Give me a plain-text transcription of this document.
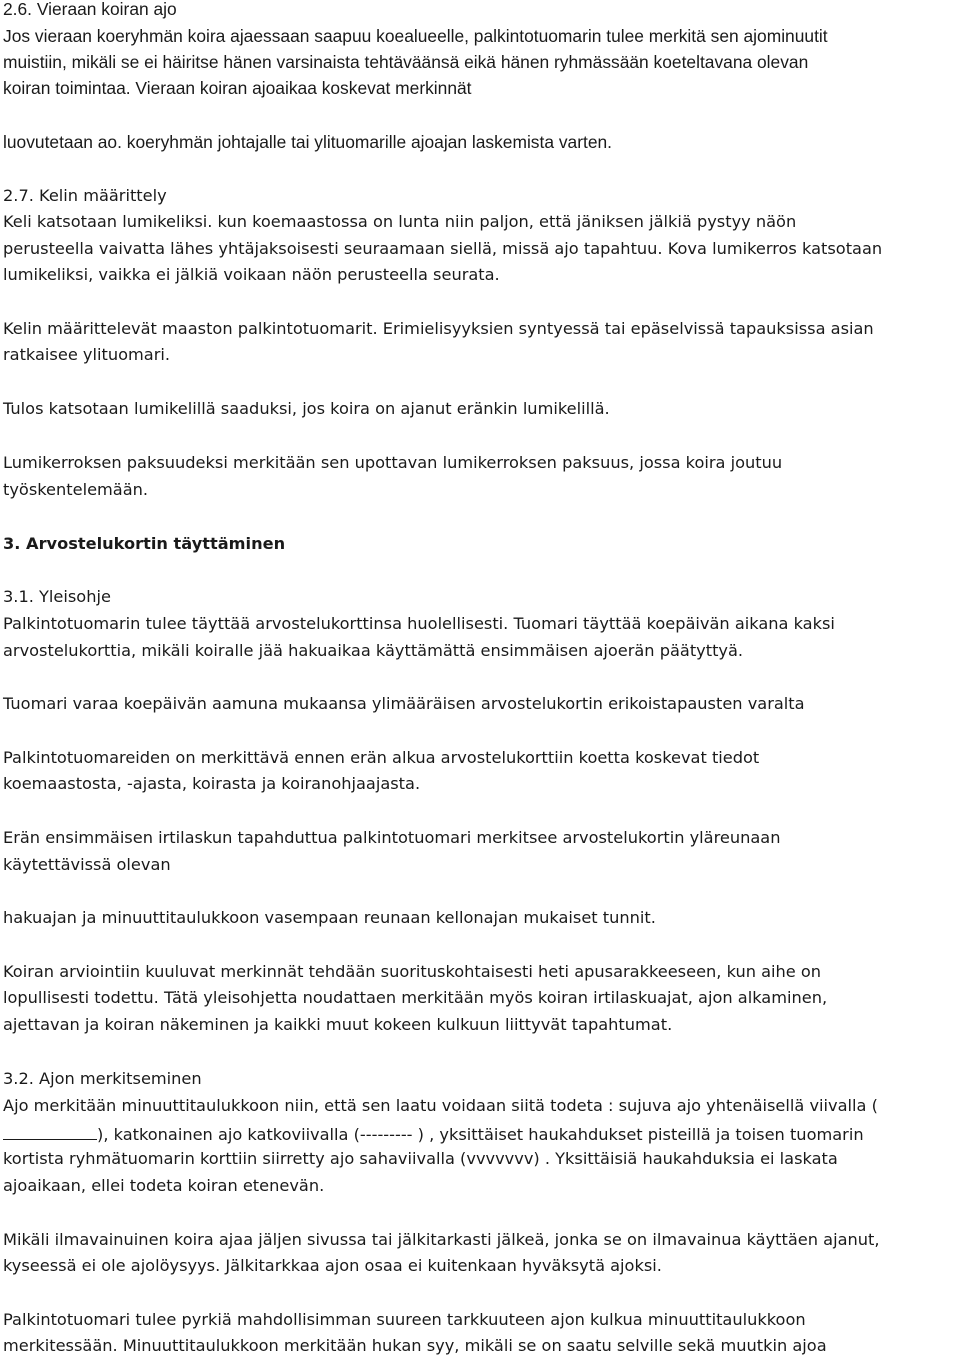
2.6. Vieraan koiran ajo
Jos vieraan koeryhmän koira ajaessaan saapuu koealueelle, palkintotuomarin tulee merkitä sen ajominuutit
muistiin, mikäli se ei häiritse hänen varsinaista tehtäväänsä eikä hänen ryhmässään koeteltavana olevan
koiran toimintaa. Vieraan koiran ajoaikaa koskevat merkinnät
luovutetaan ao. koeryhmän johtajalle tai ylituomarille ajoajan laskemista varten.
2.7. Kelin määrittely
Keli katsotaan lumikeliksi. kun koemaastossa on lunta niin paljon, että jäniksen jälkiä pystyy näön
perusteella vaivatta lähes yhtäjaksoisesti seuraamaan siellä, missä ajo tapahtuu. Kova lumikerros katsotaan
lumikeliksi, vaikka ei jälkiä voikaan näön perusteella seurata.
Kelin määrittelevät maaston palkintotuomarit. Erimielisyyksien syntyessä tai epäselvissä tapauksissa asian
ratkaisee ylituomari.
Tulos katsotaan lumikelillä saaduksi, jos koira on ajanut eränkin lumikelillä.
Lumikerroksen paksuudeksi merkitään sen upottavan lumikerroksen paksuus, jossa koira joutuu
työskentelemään.
3. Arvostelukortin täyttäminen
3.1. Yleisohje
Palkintotuomarin tulee täyttää arvostelukorttinsa huolellisesti. Tuomari täyttää koepäivän aikana kaksi
arvostelukorttia, mikäli koiralle jää hakuaikaa käyttämättä ensimmäisen ajoerän päätyttyä.
Tuomari varaa koepäivän aamuna mukaansa ylimääräisen arvostelukortin erikoistapausten varalta
Palkintotuomareiden on merkittävä ennen erän alkua arvostelukorttiin koetta koskevat tiedot
koemaastosta, -ajasta, koirasta ja koiranohjaajasta.
Erän ensimmäisen irtilaskun tapahduttua palkintotuomari merkitsee arvostelukortin yläreunaan
käytettävissä olevan
hakuajan ja minuuttitaulukkoon vasempaan reunaan kellonajan mukaiset tunnit.
Koiran arviointiin kuuluvat merkinnät tehdään suorituskohtaisesti heti apusarakkeeseen, kun aihe on
lopullisesti todettu. Tätä yleisohjetta noudattaen merkitään myös koiran irtilaskuajat, ajon alkaminen,
ajettavan ja koiran näkeminen ja kaikki muut kokeen kulkuun liittyvät tapahtumat.
3.2. Ajon merkitseminen
Ajo merkitään minuuttitaulukkoon niin, että sen laatu voidaan siitä todeta : sujuva ajo yhtenäisellä viivalla (
), katkonainen ajo katkoviivalla (--------- ) , yksittäiset haukahdukset pisteillä ja toisen tuomarin
kortista ryhmätuomarin korttiin siirretty ajo sahaviivalla (vvvvvvv) . Yksittäisiä haukahduksia ei laskata
ajoaikaan, ellei todeta koiran etenevän.
Mikäli ilmavainuinen koira ajaa jäljen sivussa tai jälkitarkasti jälkeä, jonka se on ilmavainua käyttäen ajanut,
kyseessä ei ole ajolöysyys. Jälkitarkkaa ajon osaa ei kuitenkaan hyväksytä ajoksi.
Palkintotuomari tulee pyrkiä mahdollisimman suureen tarkkuuteen ajon kulkua minuuttitaulukkoon
merkitessään. Minuuttitaulukkoon merkitään hukan syy, mikäli se on saatu selville sekä muutkin ajoa
